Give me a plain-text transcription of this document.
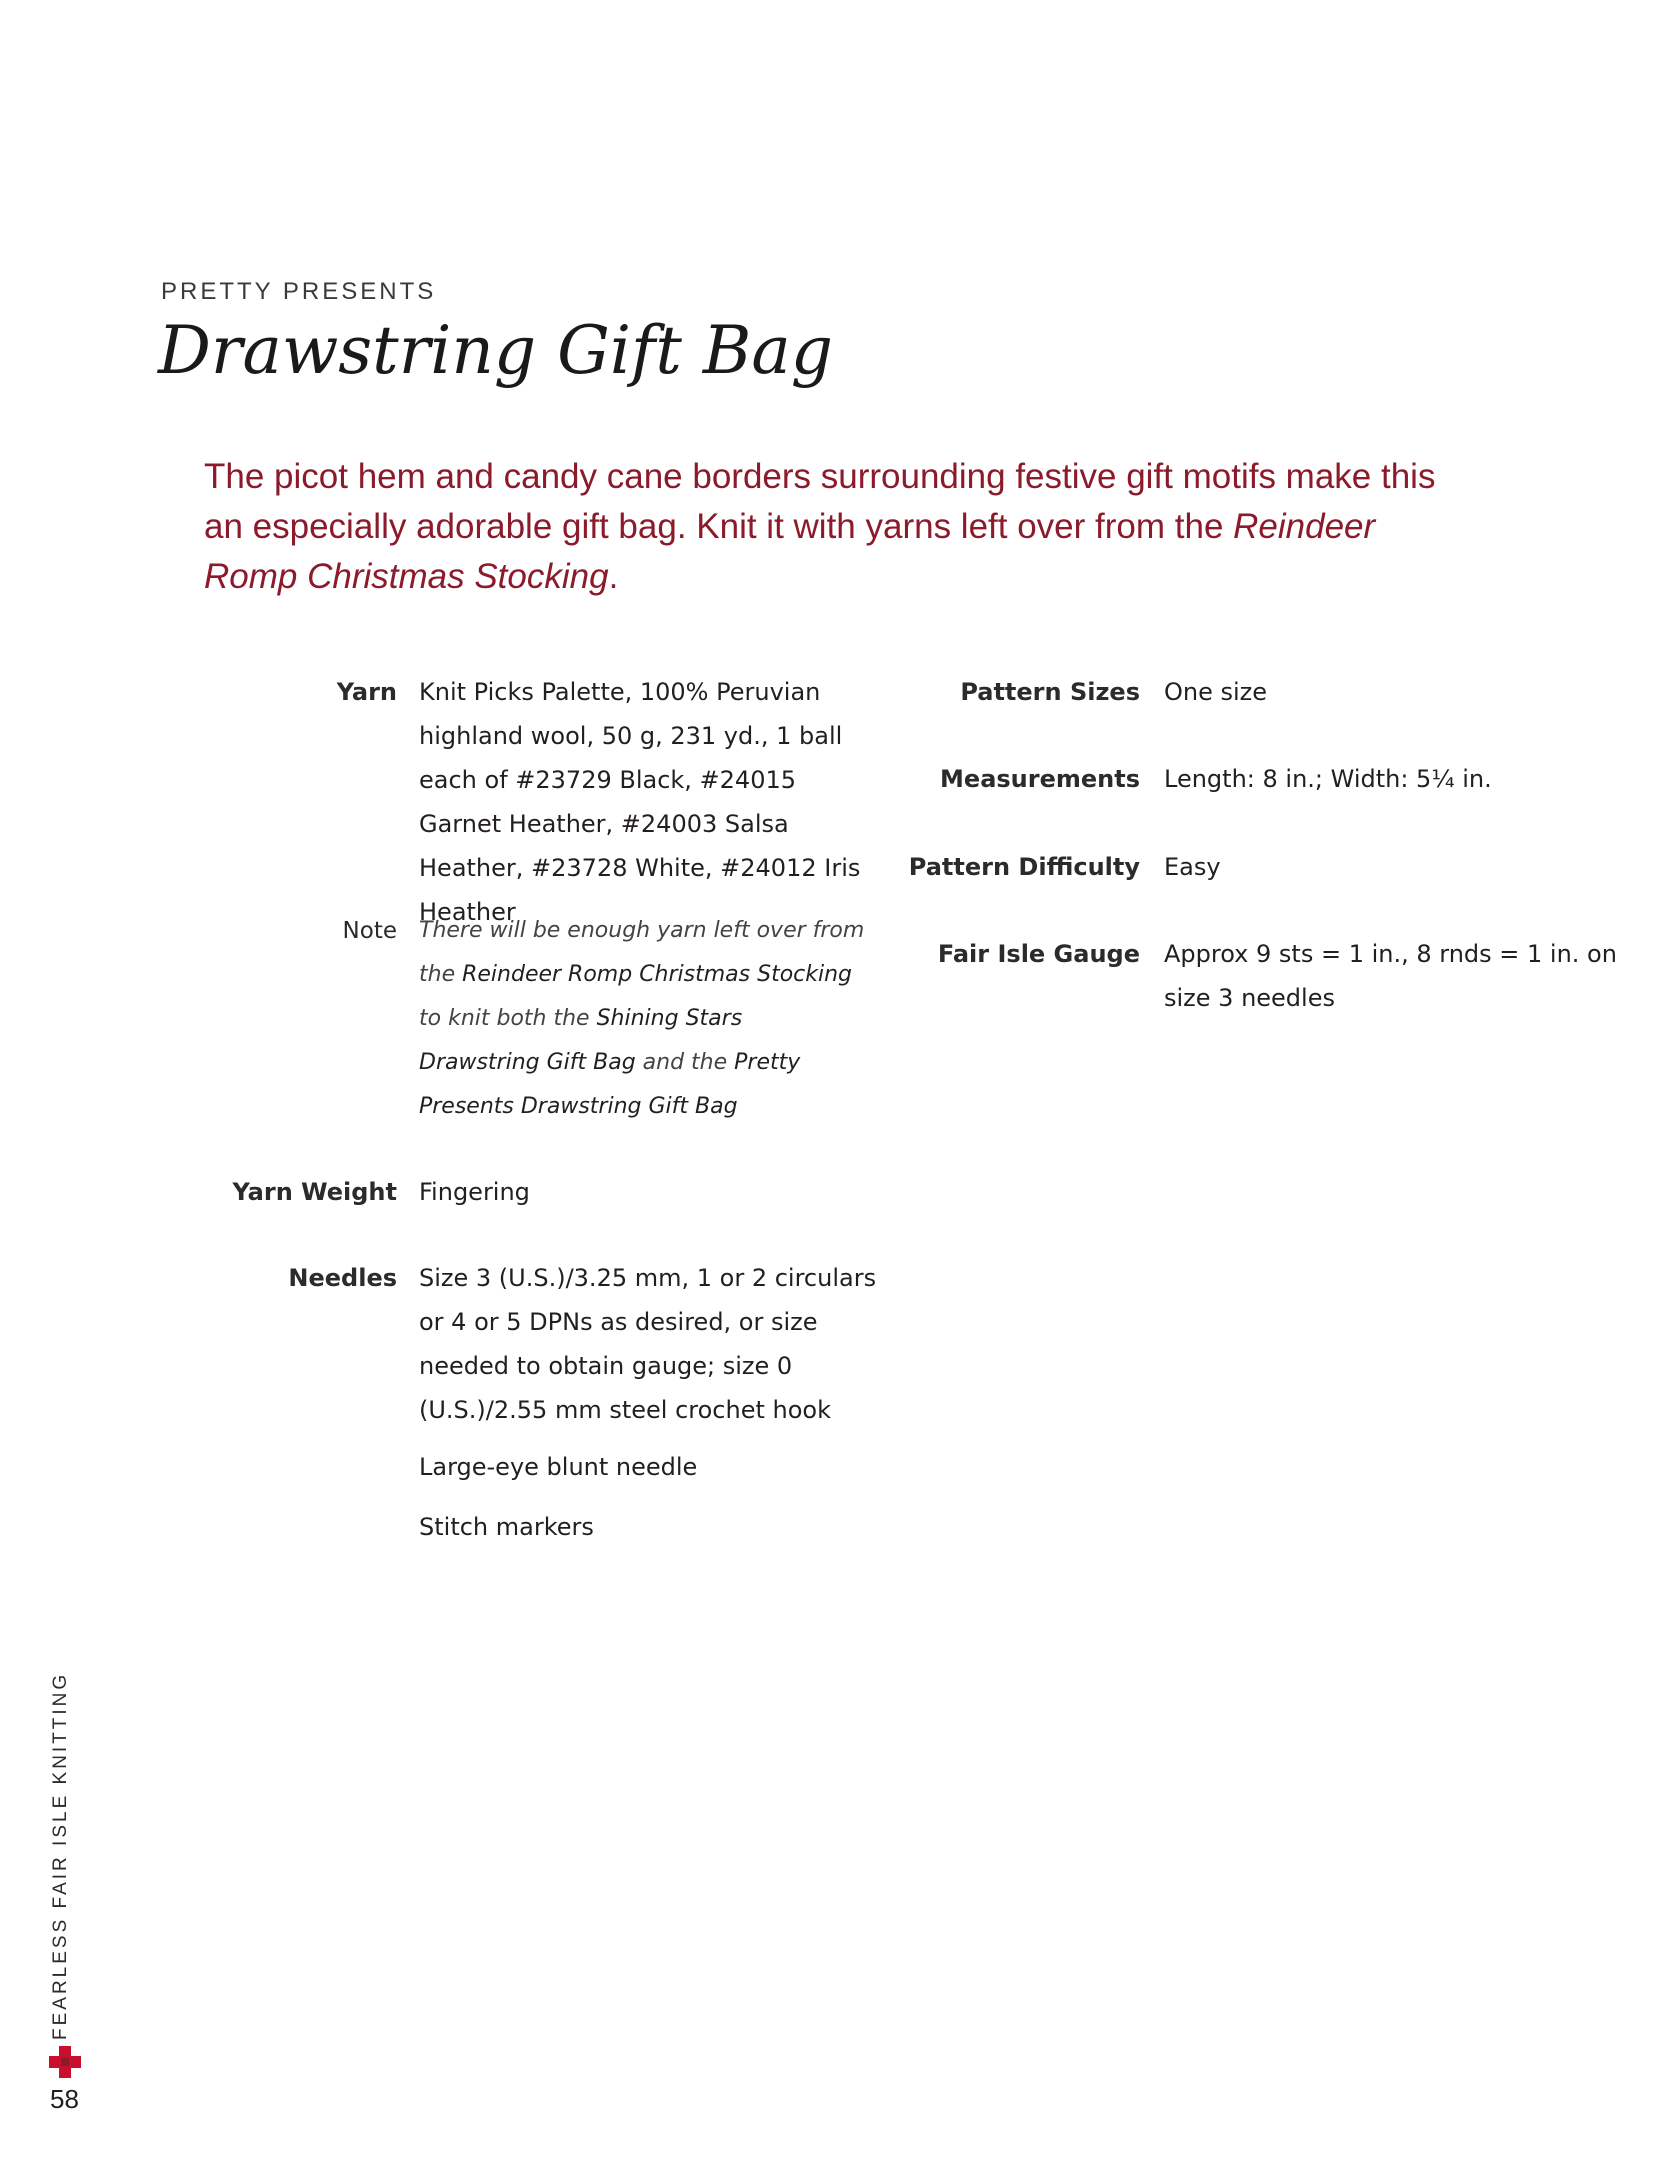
PRETTY PRESENTS
Drawstring Gift Bag
The picot hem and candy cane borders surrounding festive gift motifs make this an especially adorable gift bag. Knit it with yarns left over from the Reindeer Romp Christmas Stocking.
Yarn Knit Picks Palette, 100% Peruvian highland wool, 50 g, 231 yd., 1 ball each of #23729 Black, #24015 Garnet Heather, #24003 Salsa Heather, #23728 White, #24012 Iris Heather
Note There will be enough yarn left over from the Reindeer Romp Christmas Stocking to knit both the Shining Stars Drawstring Gift Bag and the Pretty Presents Drawstring Gift Bag
Yarn Weight Fingering
Needles Size 3 (U.S.)/3.25 mm, 1 or 2 circulars or 4 or 5 DPNs as desired, or size needed to obtain gauge; size 0 (U.S.)/2.55 mm steel crochet hook
Large-eye blunt needle
Stitch markers
Pattern Sizes One size
Measurements Length: 8 in.; Width: 5¼ in.
Pattern Difficulty Easy
Fair Isle Gauge Approx 9 sts = 1 in., 8 rnds = 1 in. on size 3 needles
FEARLESS FAIR ISLE KNITTING
58
